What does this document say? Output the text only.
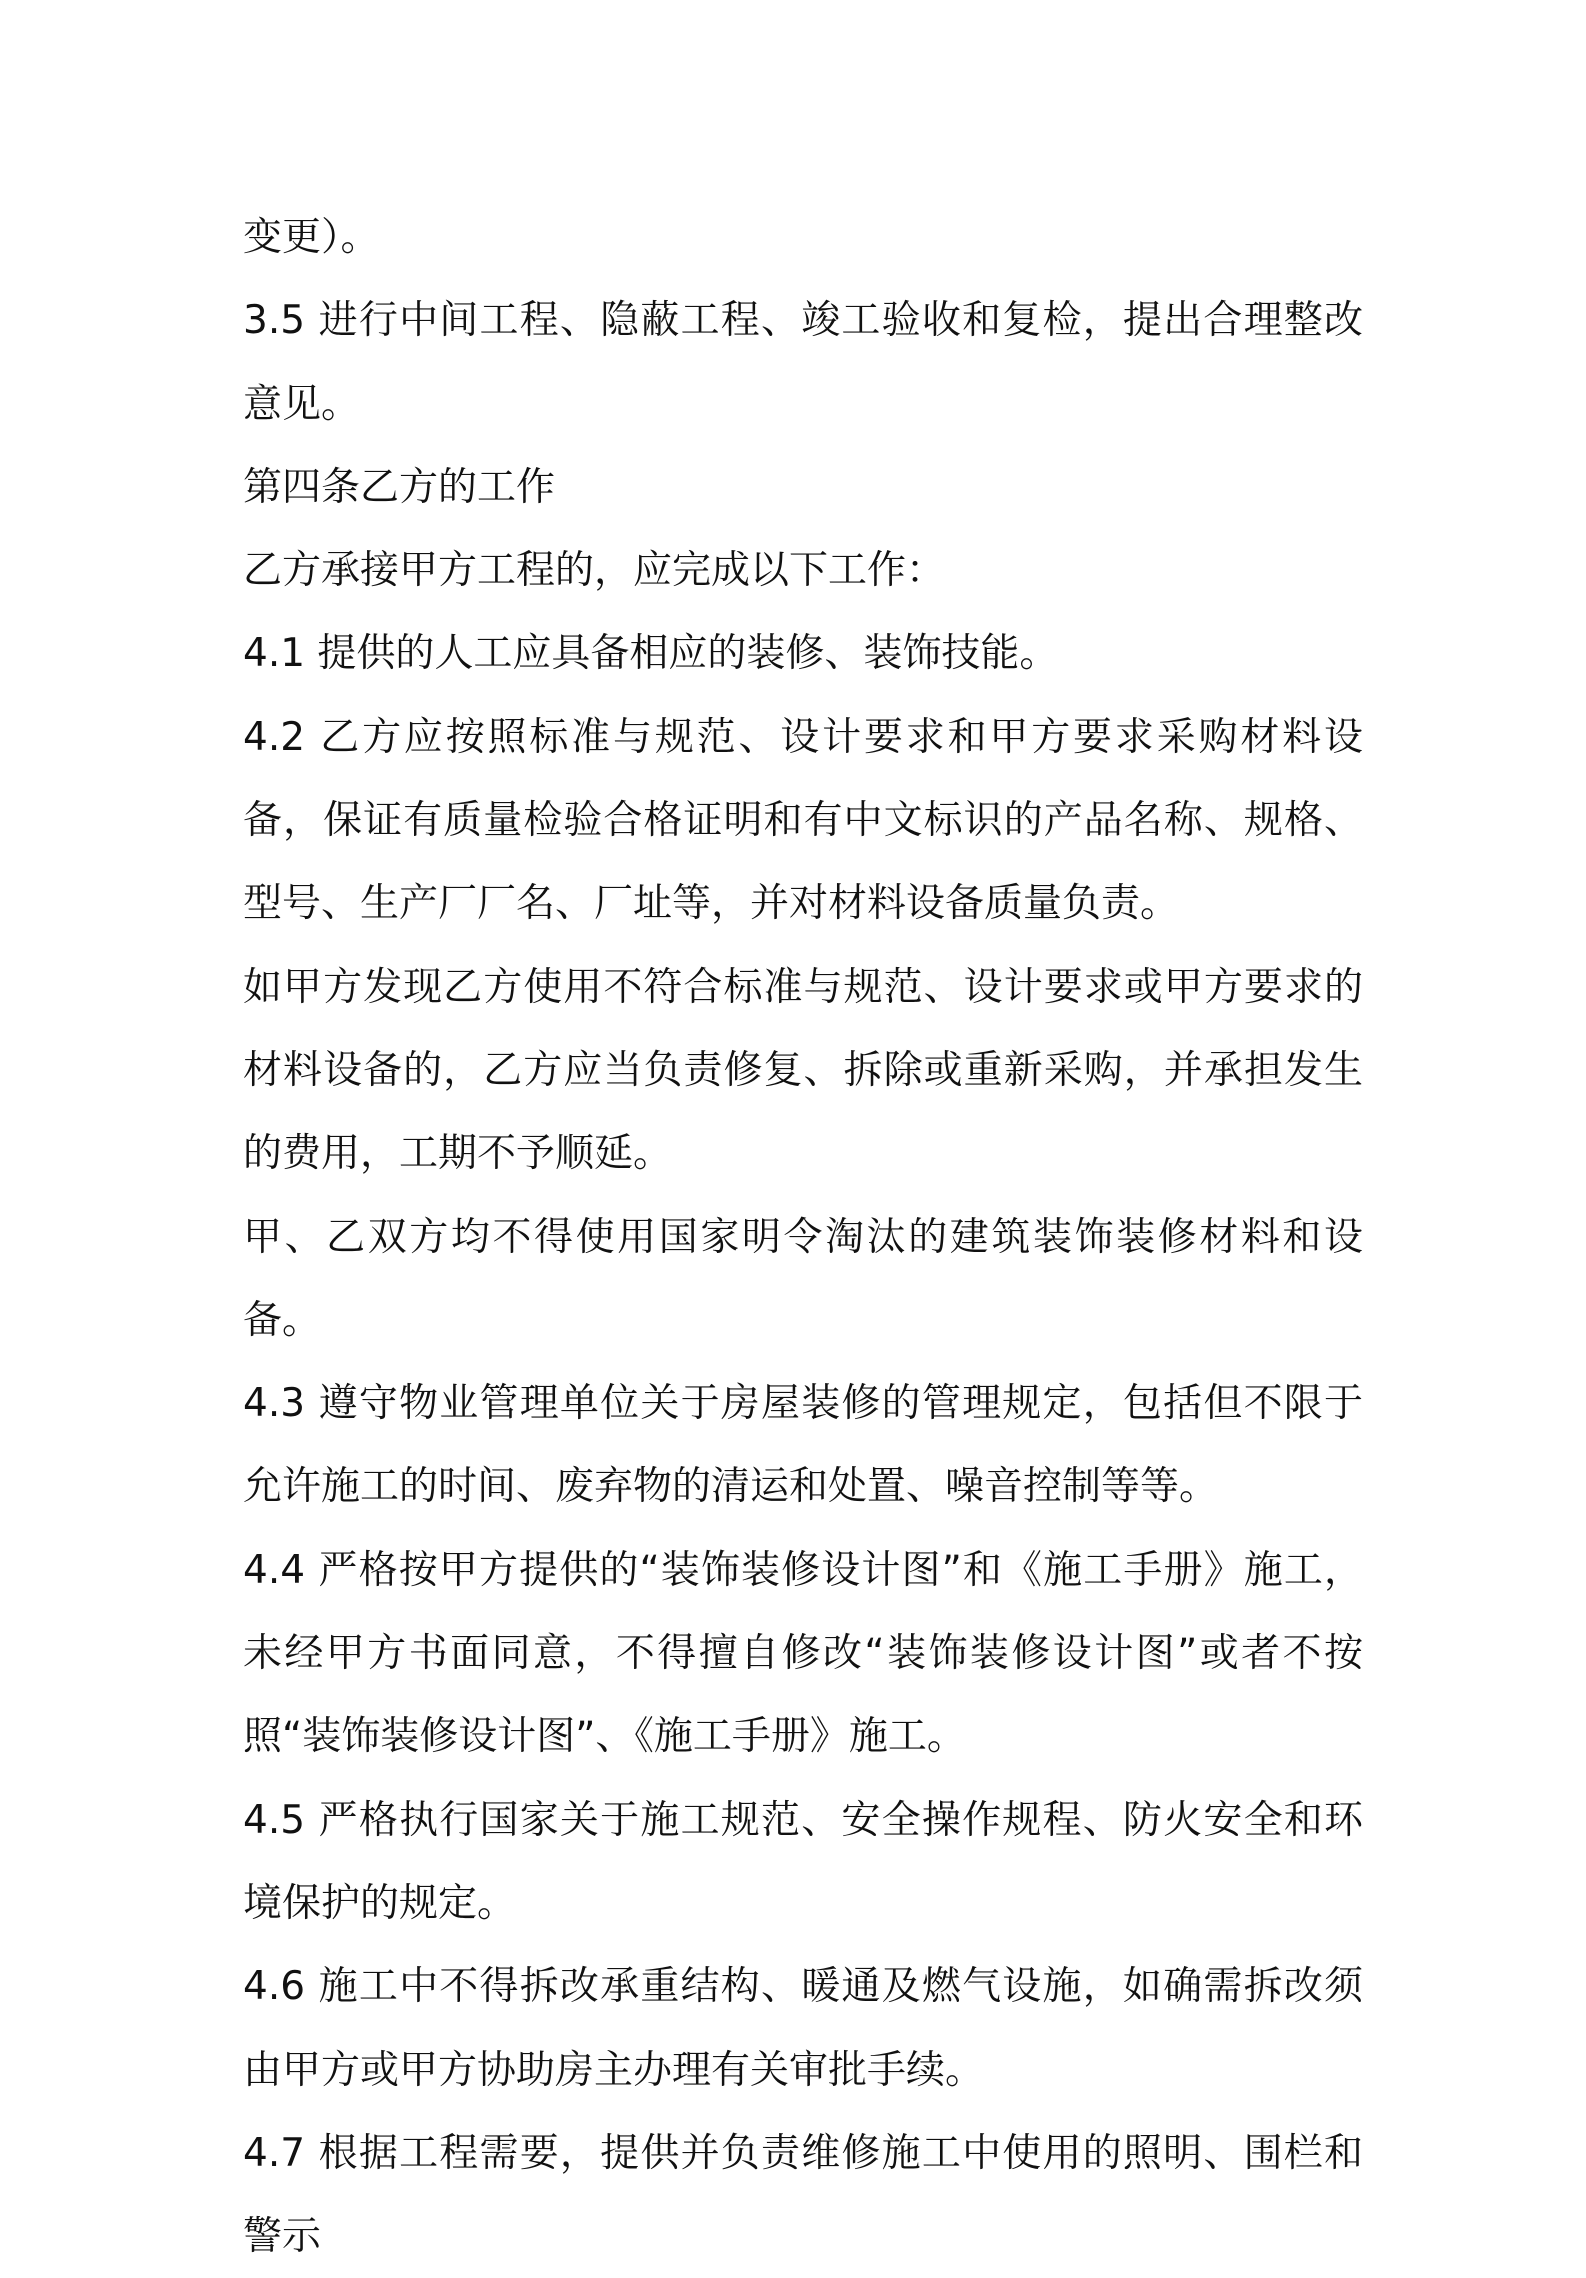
变更）。

3.5 进行中间工程、隐蔽工程、竣工验收和复检，提出合理整改意见。

第四条乙方的工作

乙方承接甲方工程的，应完成以下工作：

4.1 提供的人工应具备相应的装修、装饰技能。

4.2 乙方应按照标准与规范、设计要求和甲方要求采购材料设备，保证有质量检验合格证明和有中文标识的产品名称、规格、型号、生产厂厂名、厂址等，并对材料设备质量负责。

如甲方发现乙方使用不符合标准与规范、设计要求或甲方要求的材料设备的，乙方应当负责修复、拆除或重新采购，并承担发生的费用，工期不予顺延。

甲、乙双方均不得使用国家明令淘汰的建筑装饰装修材料和设备。

4.3 遵守物业管理单位关于房屋装修的管理规定，包括但不限于允许施工的时间、废弃物的清运和处置、噪音控制等等。

4.4 严格按甲方提供的“装饰装修设计图”和《施工手册》施工，未经甲方书面同意，不得擅自修改“装饰装修设计图”或者不按照“装饰装修设计图”、《施工手册》施工。

4.5 严格执行国家关于施工规范、安全操作规程、防火安全和环境保护的规定。

4.6 施工中不得拆改承重结构、暖通及燃气设施，如确需拆改须由甲方或甲方协助房主办理有关审批手续。

4.7 根据工程需要，提供并负责维修施工中使用的照明、围栏和警示
